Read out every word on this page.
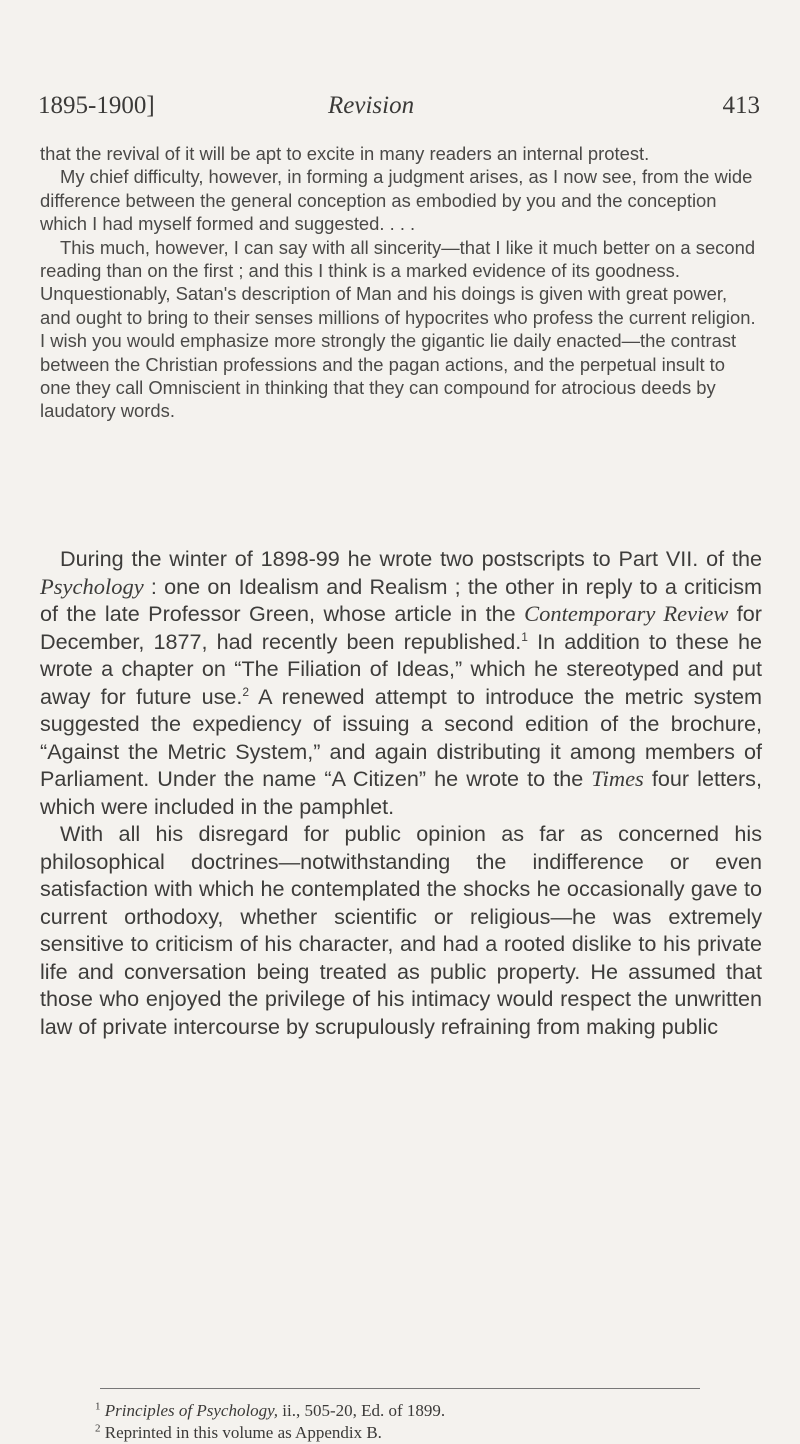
1895-1900]	Revision	413

that the revival of it will be apt to excite in many readers an internal protest.

My chief difficulty, however, in forming a judgment arises, as I now see, from the wide difference between the general conception as embodied by you and the conception which I had myself formed and suggested. . . .

This much, however, I can say with all sincerity—that I like it much better on a second reading than on the first ; and this I think is a marked evidence of its goodness. Unquestionably, Satan's description of Man and his doings is given with great power, and ought to bring to their senses millions of hypocrites who profess the current religion. I wish you would emphasize more strongly the gigantic lie daily enacted—the contrast between the Christian professions and the pagan actions, and the perpetual insult to one they call Omniscient in thinking that they can compound for atrocious deeds by laudatory words.

During the winter of 1898-99 he wrote two postscripts to Part VII. of the Psychology : one on Idealism and Realism ; the other in reply to a criticism of the late Professor Green, whose article in the Contemporary Review for December, 1877, had recently been republished.$^1$ In addition to these he wrote a chapter on “The Filiation of Ideas,” which he stereotyped and put away for future use.$^2$ A renewed attempt to introduce the metric system suggested the expediency of issuing a second edition of the brochure, “Against the Metric System,” and again distributing it among members of Parliament. Under the name “A Citizen” he wrote to the Times four letters, which were included in the pamphlet.

With all his disregard for public opinion as far as concerned his philosophical doctrines—notwithstanding the indifference or even satisfaction with which he contemplated the shocks he occasionally gave to current orthodoxy, whether scientific or religious—he was extremely sensitive to criticism of his character, and had a rooted dislike to his private life and conversation being treated as public property. He assumed that those who enjoyed the privilege of his intimacy would respect the unwritten law of private intercourse by scrupulously refraining from making public

$^1$ Principles of Psychology, ii., 505-20, Ed. of 1899.
$^2$ Reprinted in this volume as Appendix B.
